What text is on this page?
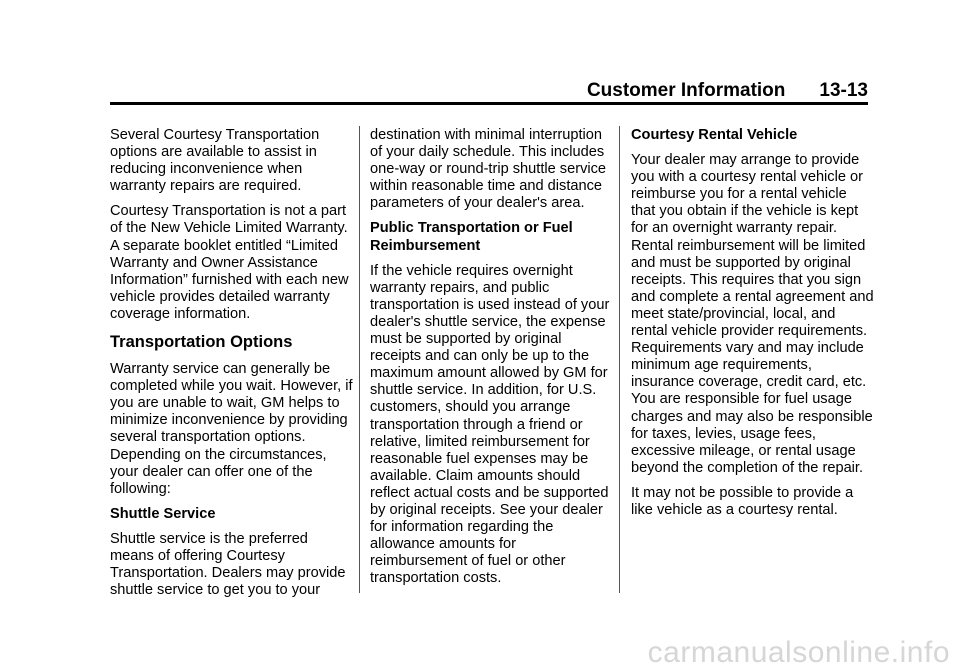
Customer Information 13-13

Several Courtesy Transportation options are available to assist in reducing inconvenience when warranty repairs are required.

Courtesy Transportation is not a part of the New Vehicle Limited Warranty. A separate booklet entitled “Limited Warranty and Owner Assistance Information” furnished with each new vehicle provides detailed warranty coverage information.

Transportation Options

Warranty service can generally be completed while you wait. However, if you are unable to wait, GM helps to minimize inconvenience by providing several transportation options. Depending on the circumstances, your dealer can offer one of the following:

Shuttle Service

Shuttle service is the preferred means of offering Courtesy Transportation. Dealers may provide shuttle service to get you to your

destination with minimal interruption of your daily schedule. This includes one-way or round-trip shuttle service within reasonable time and distance parameters of your dealer's area.

Public Transportation or Fuel Reimbursement

If the vehicle requires overnight warranty repairs, and public transportation is used instead of your dealer's shuttle service, the expense must be supported by original receipts and can only be up to the maximum amount allowed by GM for shuttle service. In addition, for U.S. customers, should you arrange transportation through a friend or relative, limited reimbursement for reasonable fuel expenses may be available. Claim amounts should reflect actual costs and be supported by original receipts. See your dealer for information regarding the allowance amounts for reimbursement of fuel or other transportation costs.

Courtesy Rental Vehicle

Your dealer may arrange to provide you with a courtesy rental vehicle or reimburse you for a rental vehicle that you obtain if the vehicle is kept for an overnight warranty repair. Rental reimbursement will be limited and must be supported by original receipts. This requires that you sign and complete a rental agreement and meet state/provincial, local, and rental vehicle provider requirements. Requirements vary and may include minimum age requirements, insurance coverage, credit card, etc. You are responsible for fuel usage charges and may also be responsible for taxes, levies, usage fees, excessive mileage, or rental usage beyond the completion of the repair.

It may not be possible to provide a like vehicle as a courtesy rental.

carmanualsonline.info
